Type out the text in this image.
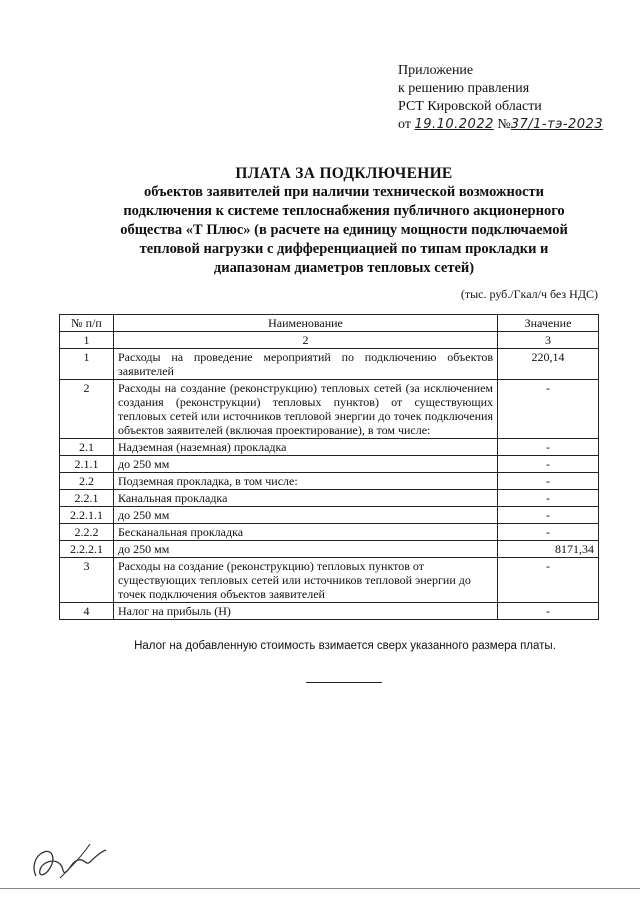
Приложение
к решению правления
РСТ Кировской области
от 19.10.2022 №37/1-тэ-2023
ПЛАТА ЗА ПОДКЛЮЧЕНИЕ
объектов заявителей при наличии технической возможности
подключения к системе теплоснабжения публичного акционерного
общества «Т Плюс» (в расчете на единицу мощности подключаемой
тепловой нагрузки с дифференциацией по типам прокладки и
диапазонам диаметров тепловых сетей)
(тыс. руб./Гкал/ч без НДС)
№ п/п	Наименование	Значение
1	2	3
1	Расходы на проведение мероприятий по подключению объектов заявителей	220,14
2	Расходы на создание (реконструкцию) тепловых сетей (за исключением создания (реконструкции) тепловых пунктов) от существующих тепловых сетей или источников тепловой энергии до точек подключения объектов заявителей (включая проектирование), в том числе:	-
2.1	Надземная (наземная) прокладка	-
2.1.1	до 250 мм	-
2.2	Подземная прокладка, в том числе:	-
2.2.1	Канальная прокладка	-
2.2.1.1	до 250 мм	-
2.2.2	Бесканальная прокладка	-
2.2.2.1	до 250 мм	8171,34
3	Расходы на создание (реконструкцию) тепловых пунктов от существующих тепловых сетей или источников тепловой энергии до точек подключения объектов заявителей	-
4	Налог на прибыль (Н)	-
Налог на добавленную стоимость взимается сверх указанного размера платы.
